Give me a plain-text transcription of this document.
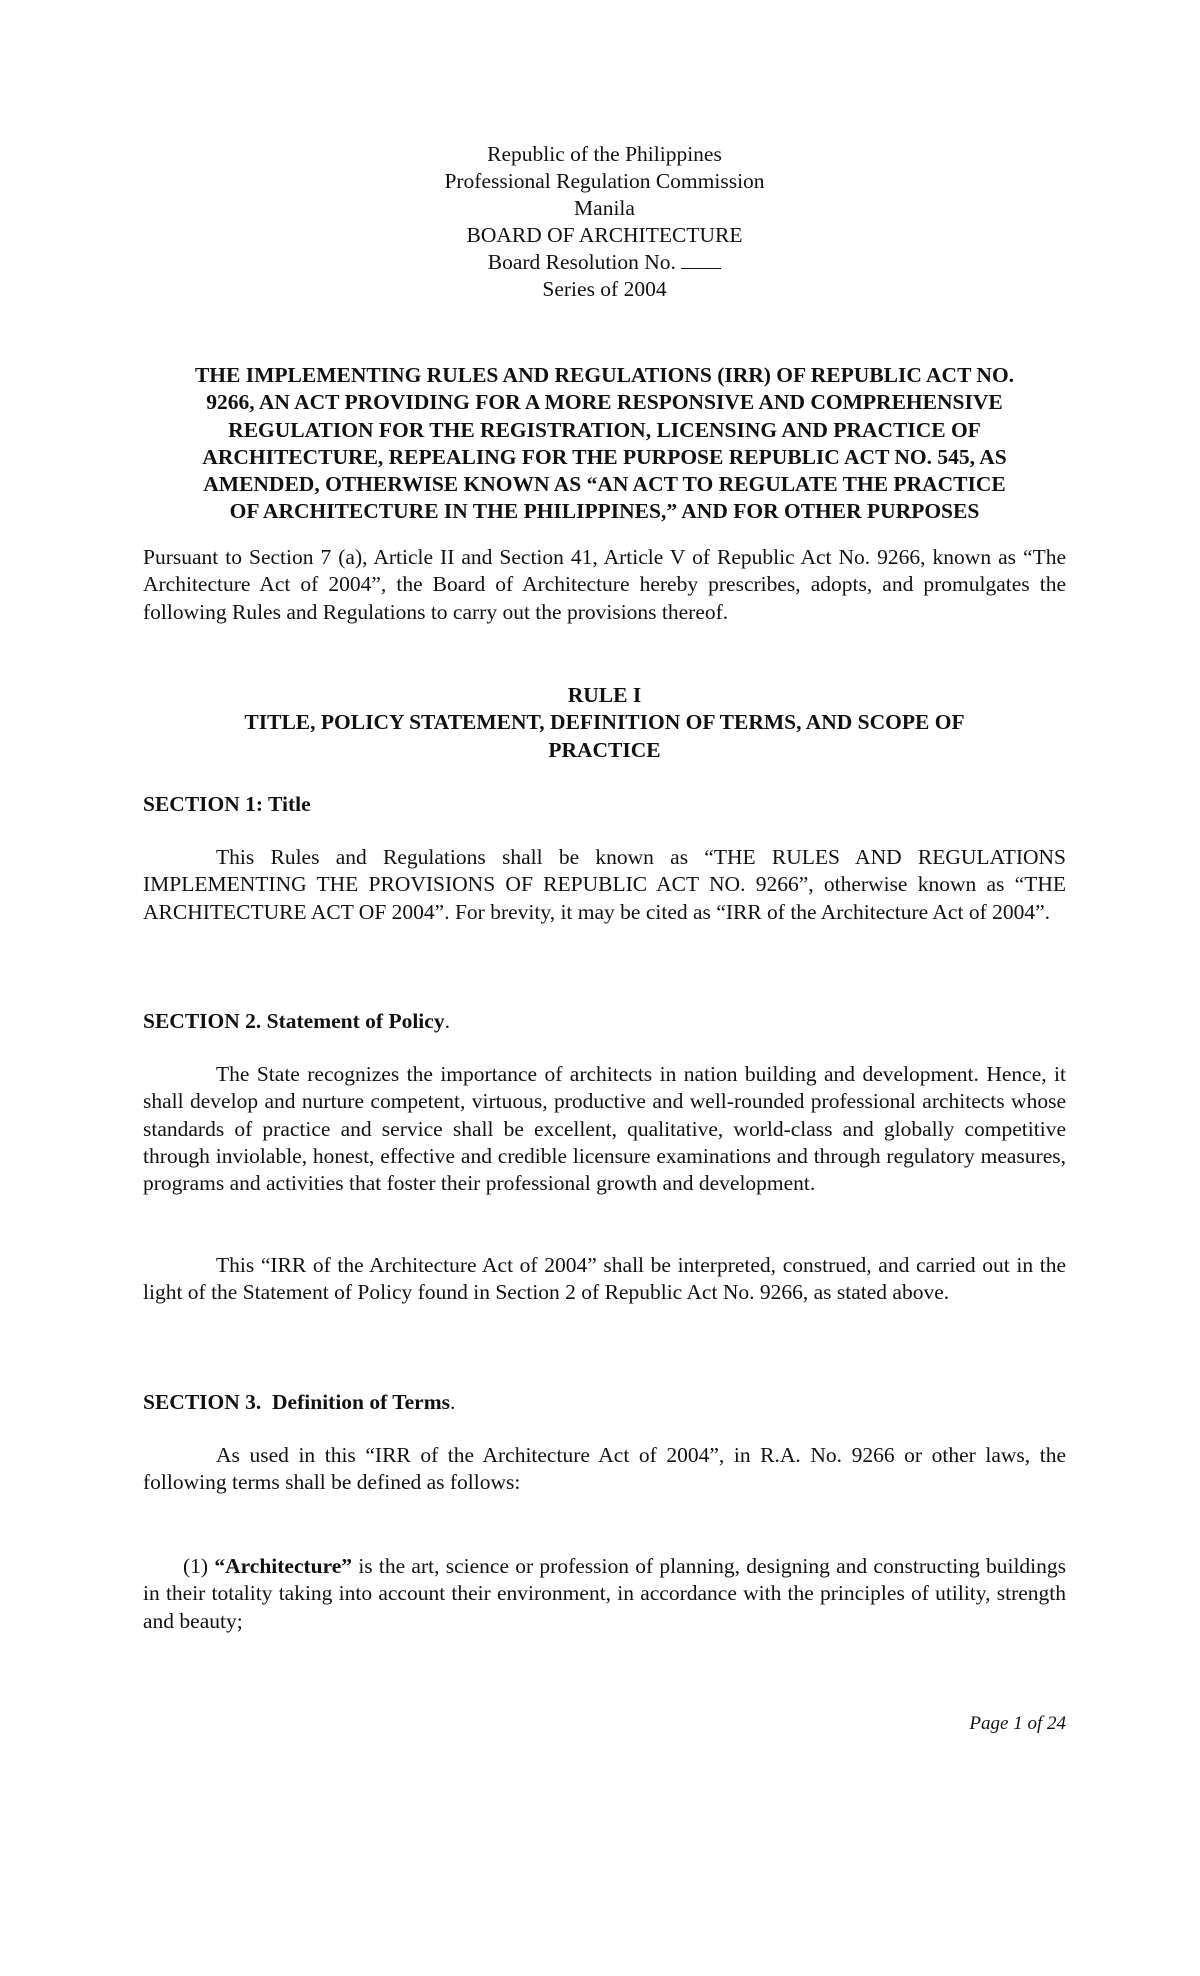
Republic of the Philippines
Professional Regulation Commission
Manila
BOARD OF ARCHITECTURE
Board Resolution No.
Series of 2004
THE IMPLEMENTING RULES AND REGULATIONS (IRR) OF REPUBLIC ACT NO.
9266, AN ACT PROVIDING FOR A MORE RESPONSIVE AND COMPREHENSIVE
REGULATION FOR THE REGISTRATION, LICENSING AND PRACTICE OF
ARCHITECTURE, REPEALING FOR THE PURPOSE REPUBLIC ACT NO. 545, AS
AMENDED, OTHERWISE KNOWN AS “AN ACT TO REGULATE THE PRACTICE
OF ARCHITECTURE IN THE PHILIPPINES,” AND FOR OTHER PURPOSES
Pursuant to Section 7 (a), Article II and Section 41, Article V of Republic Act No. 9266, known as “The Architecture Act of 2004”, the Board of Architecture hereby prescribes, adopts, and promulgates the following Rules and Regulations to carry out the provisions thereof.
RULE I
TITLE, POLICY STATEMENT, DEFINITION OF TERMS, AND SCOPE OF
PRACTICE
SECTION 1: Title
This Rules and Regulations shall be known as “THE RULES AND REGULATIONS IMPLEMENTING THE PROVISIONS OF REPUBLIC ACT NO. 9266”, otherwise known as “THE ARCHITECTURE ACT OF 2004”. For brevity, it may be cited as “IRR of the Architecture Act of 2004”.
SECTION 2. Statement of Policy.
The State recognizes the importance of architects in nation building and development. Hence, it shall develop and nurture competent, virtuous, productive and well-rounded professional architects whose standards of practice and service shall be excellent, qualitative, world-class and globally competitive through inviolable, honest, effective and credible licensure examinations and through regulatory measures, programs and activities that foster their professional growth and development.
This “IRR of the Architecture Act of 2004” shall be interpreted, construed, and carried out in the light of the Statement of Policy found in Section 2 of Republic Act No. 9266, as stated above.
SECTION 3.  Definition of Terms.
As used in this “IRR of the Architecture Act of 2004”, in R.A. No. 9266 or other laws, the following terms shall be defined as follows:
(1) “Architecture” is the art, science or profession of planning, designing and constructing buildings in their totality taking into account their environment, in accordance with the principles of utility, strength and beauty;
Page 1 of 24
